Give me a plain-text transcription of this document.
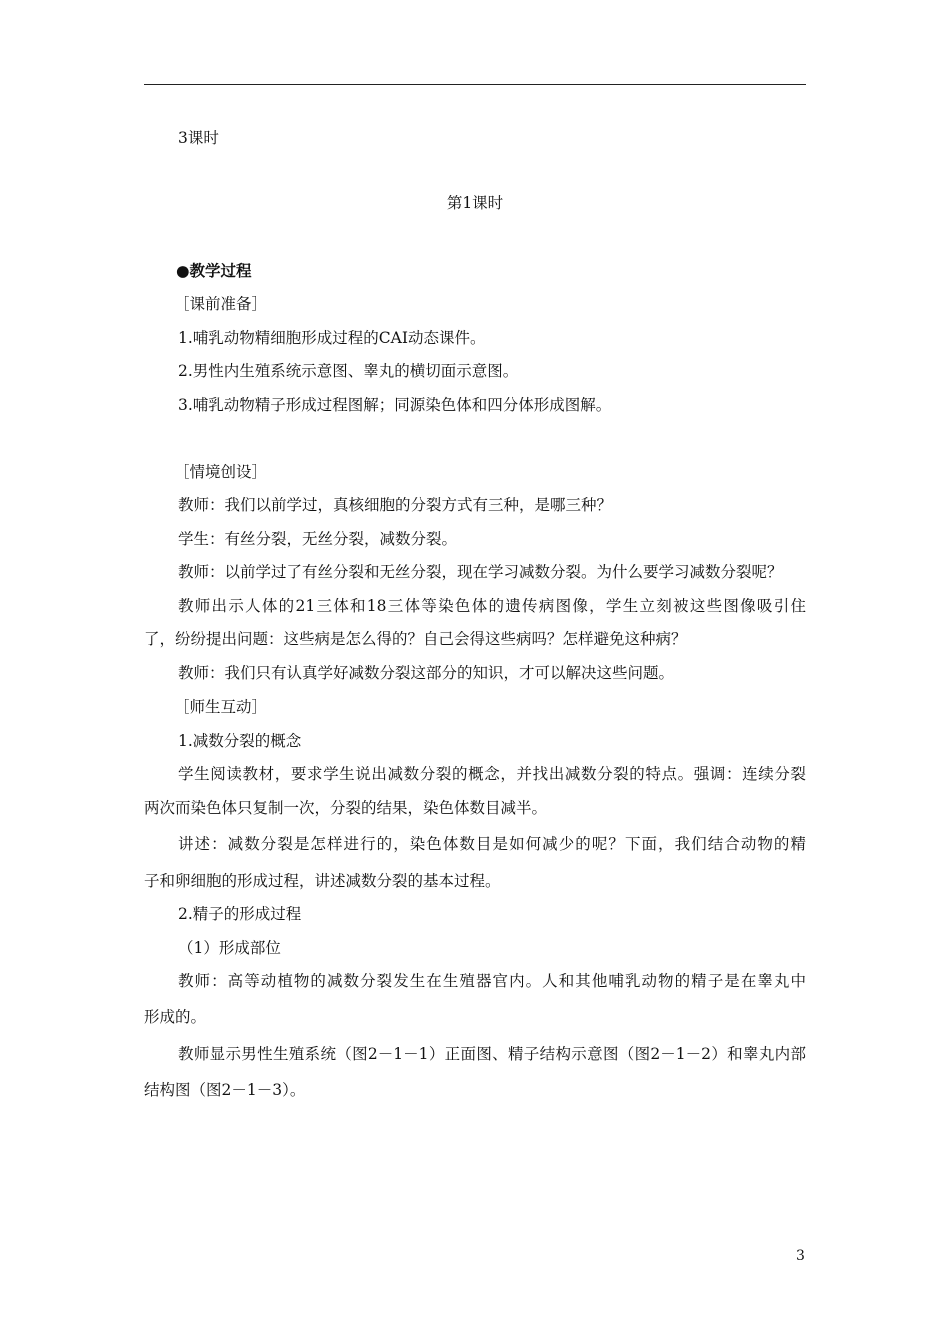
3课时
第1课时
●教学过程
［课前准备］
1.哺乳动物精细胞形成过程的CAI动态课件。
2.男性内生殖系统示意图、睾丸的横切面示意图。
3.哺乳动物精子形成过程图解；同源染色体和四分体形成图解。
［情境创设］
教师：我们以前学过，真核细胞的分裂方式有三种，是哪三种？
学生：有丝分裂，无丝分裂，减数分裂。
教师：以前学过了有丝分裂和无丝分裂，现在学习减数分裂。为什么要学习减数分裂呢？
教师出示人体的21三体和18三体等染色体的遗传病图像，学生立刻被这些图像吸引住
了，纷纷提出问题：这些病是怎么得的？自己会得这些病吗？怎样避免这种病？
教师：我们只有认真学好减数分裂这部分的知识，才可以解决这些问题。
［师生互动］
1.减数分裂的概念
学生阅读教材，要求学生说出减数分裂的概念，并找出减数分裂的特点。强调：连续分裂
两次而染色体只复制一次，分裂的结果，染色体数目减半。
讲述：减数分裂是怎样进行的，染色体数目是如何减少的呢？下面，我们结合动物的精
子和卵细胞的形成过程，讲述减数分裂的基本过程。
2.精子的形成过程
（1）形成部位
教师：高等动植物的减数分裂发生在生殖器官内。人和其他哺乳动物的精子是在睾丸中
形成的。
教师显示男性生殖系统（图2－1－1）正面图、精子结构示意图（图2－1－2）和睾丸内部
结构图（图2－1－3）。
3
